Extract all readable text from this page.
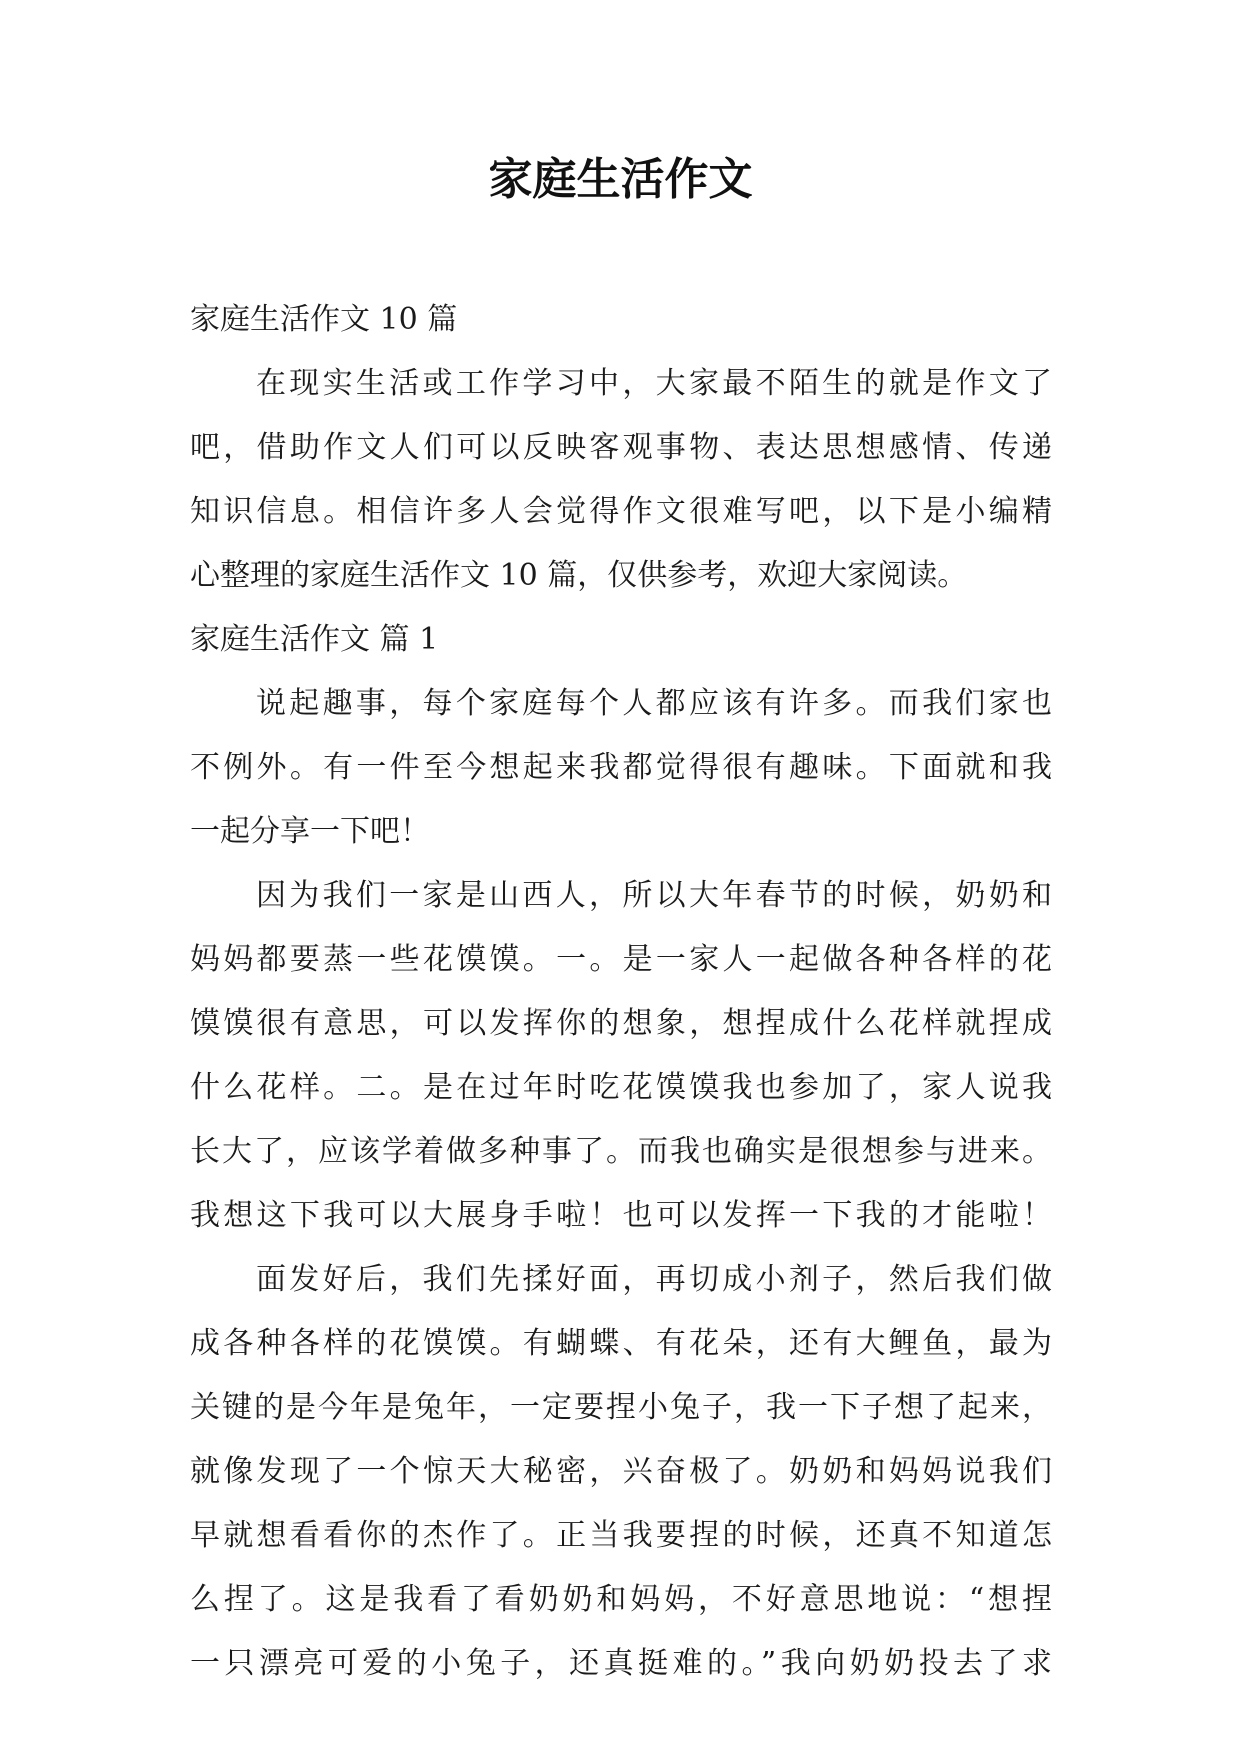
家庭生活作文
家庭生活作文 10 篇
在现实生活或工作学习中，大家最不陌生的就是作文了
吧，借助作文人们可以反映客观事物、表达思想感情、传递
知识信息。相信许多人会觉得作文很难写吧，以下是小编精
心整理的家庭生活作文 10 篇，仅供参考，欢迎大家阅读。
家庭生活作文 篇 1
说起趣事，每个家庭每个人都应该有许多。而我们家也
不例外。有一件至今想起来我都觉得很有趣味。下面就和我
一起分享一下吧！
因为我们一家是山西人，所以大年春节的时候，奶奶和
妈妈都要蒸一些花馍馍。一。是一家人一起做各种各样的花
馍馍很有意思，可以发挥你的想象，想捏成什么花样就捏成
什么花样。二。是在过年时吃花馍馍我也参加了，家人说我
长大了，应该学着做多种事了。而我也确实是很想参与进来。
我想这下我可以大展身手啦！也可以发挥一下我的才能啦！
面发好后，我们先揉好面，再切成小剂子，然后我们做
成各种各样的花馍馍。有蝴蝶、有花朵，还有大鲤鱼，最为
关键的是今年是兔年，一定要捏小兔子，我一下子想了起来，
就像发现了一个惊天大秘密，兴奋极了。奶奶和妈妈说我们
早就想看看你的杰作了。正当我要捏的时候，还真不知道怎
么捏了。这是我看了看奶奶和妈妈，不好意思地说：“想捏
一只漂亮可爱的小兔子，还真挺难的。”我向奶奶投去了求
